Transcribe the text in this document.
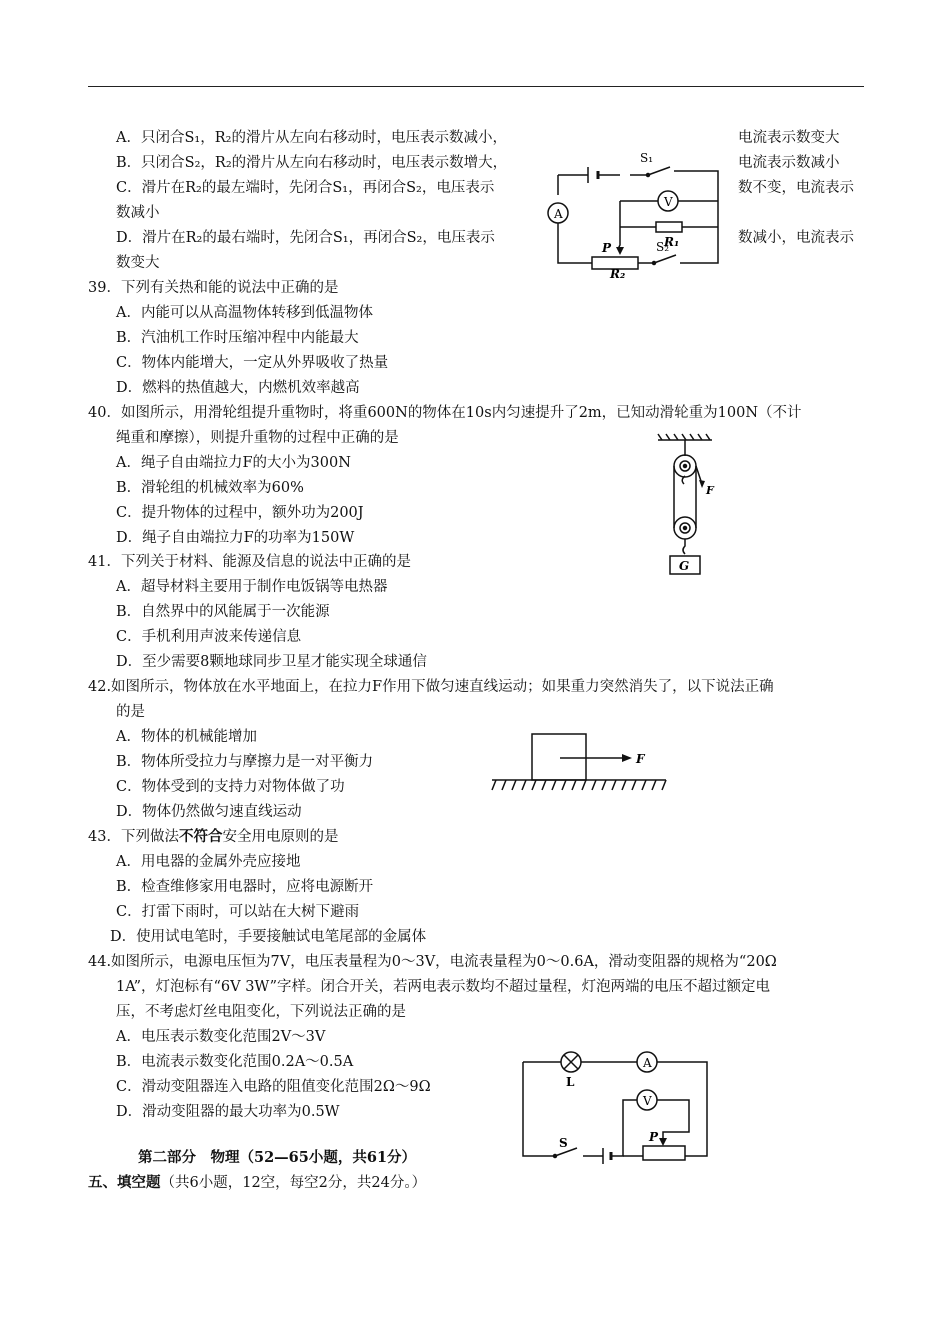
A．只闭合S₁，R₂的滑片从左向右移动时，电压表示数减小，	电流表示数变大
B．只闭合S₂，R₂的滑片从左向右移动时，电压表示数增大，	电流表示数减小
C．滑片在R₂的最左端时，先闭合S₁，再闭合S₂，电压表示	数不变，电流表示
数减小
D．滑片在R₂的最右端时，先闭合S₁，再闭合S₂，电压表示	数减小，电流表示
数变大
A
S₁
V
R₁
P	S₂
R₂
39．下列有关热和能的说法中正确的是
A．内能可以从高温物体转移到低温物体
B．汽油机工作时压缩冲程中内能最大
C．物体内能增大，一定从外界吸收了热量
D．燃料的热值越大，内燃机效率越高
40．如图所示，用滑轮组提升重物时，将重600N的物体在10s内匀速提升了2m，已知动滑轮重为100N（不计
绳重和摩擦），则提升重物的过程中正确的是
A．绳子自由端拉力F的大小为300N
B．滑轮组的机械效率为60%
C．提升物体的过程中，额外功为200J
D．绳子自由端拉力F的功率为150W
F
G
41．下列关于材料、能源及信息的说法中正确的是
A．超导材料主要用于制作电饭锅等电热器
B．自然界中的风能属于一次能源
C．手机利用声波来传递信息
D．至少需要8颗地球同步卫星才能实现全球通信
42.如图所示，物体放在水平地面上，在拉力F作用下做匀速直线运动；如果重力突然消失了，以下说法正确
的是
A．物体的机械能增加
B．物体所受拉力与摩擦力是一对平衡力
C．物体受到的支持力对物体做了功
D．物体仍然做匀速直线运动
F
43．下列做法不符合安全用电原则的是
A．用电器的金属外壳应接地
B．检查维修家用电器时，应将电源断开
C．打雷下雨时，可以站在大树下避雨
D．使用试电笔时，手要接触试电笔尾部的金属体
44.如图所示，电源电压恒为7V，电压表量程为0～3V，电流表量程为0～0.6A，滑动变阻器的规格为“20Ω
1A”，灯泡标有“6V 3W”字样。闭合开关，若两电表示数均不超过量程，灯泡两端的电压不超过额定电
压，不考虑灯丝电阻变化，下列说法正确的是
A．电压表示数变化范围2V～3V
B．电流表示数变化范围0.2A～0.5A
C．滑动变阻器连入电路的阻值变化范围2Ω～9Ω
D．滑动变阻器的最大功率为0.5W
L
A
V
P
S
第二部分　物理（52—65小题，共61分）
五、填空题（共6小题，12空，每空2分，共24分。）
